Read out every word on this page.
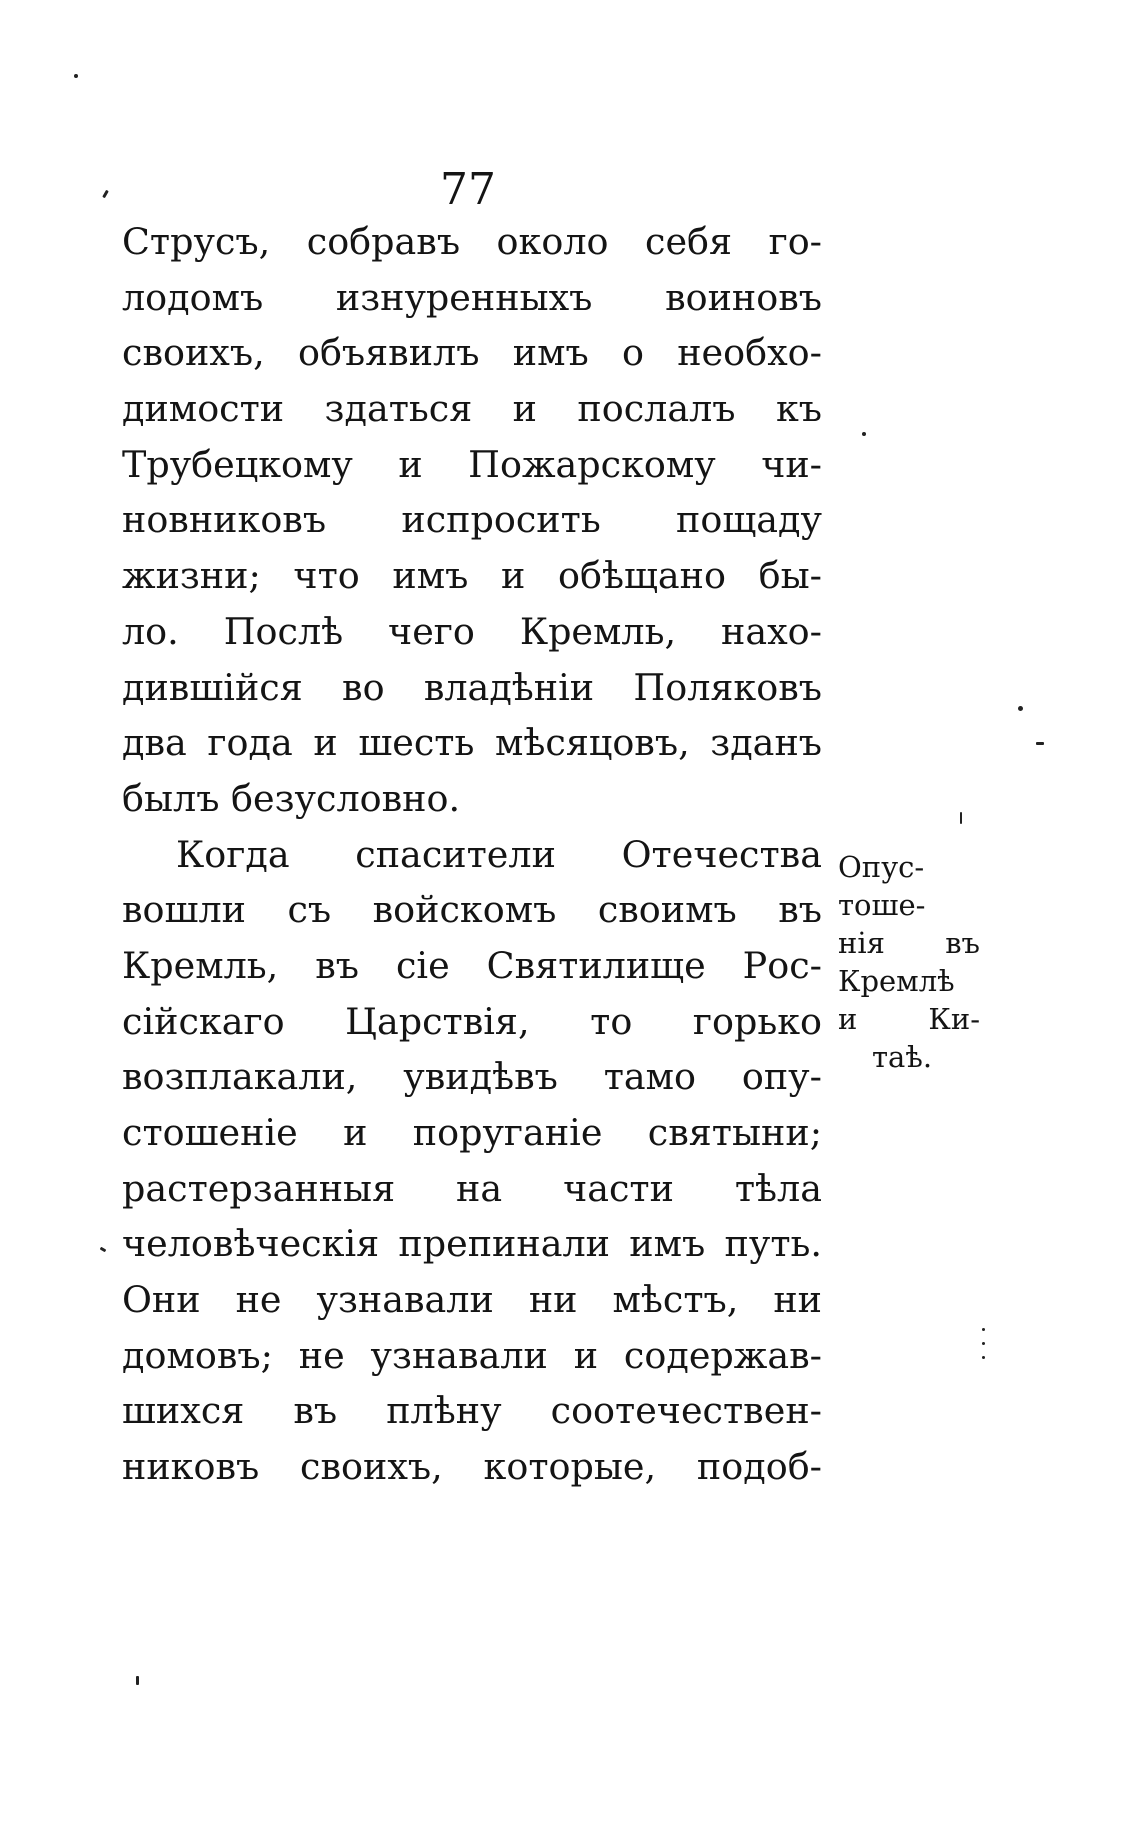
77
Струсъ, собравъ около себя го-
лодомъ изнуренныхъ воиновъ
своихъ, объявилъ имъ о необхо-
димости здаться и послалъ къ
Трубецкому и Пожарскому чи-
новниковъ испросить пощаду
жизни; что имъ и обѣщано бы-
ло. Послѣ чего Кремль, нахо-
дившійся во владѣніи Поляковъ
два года и шесть мѣсяцовъ, зданъ
былъ безусловно.
Когда спасители Отечества
вошли съ войскомъ своимъ въ
Кремль, въ сіе Святилище Рос-
сійскаго Царствія, то горько
возплакали, увидѣвъ тамо опу-
стошеніе и поруганіе святыни;
растерзанныя на части тѣла
человѣческія препинали имъ путь.
Они не узнавали ни мѣстъ, ни
домовъ; не узнавали и содержав-
шихся въ плѣну соотечествен-
никовъ своихъ, которые, подоб-
Опус-
тоше-
нія въ
Кремлѣ
и Ки-
таѣ.
